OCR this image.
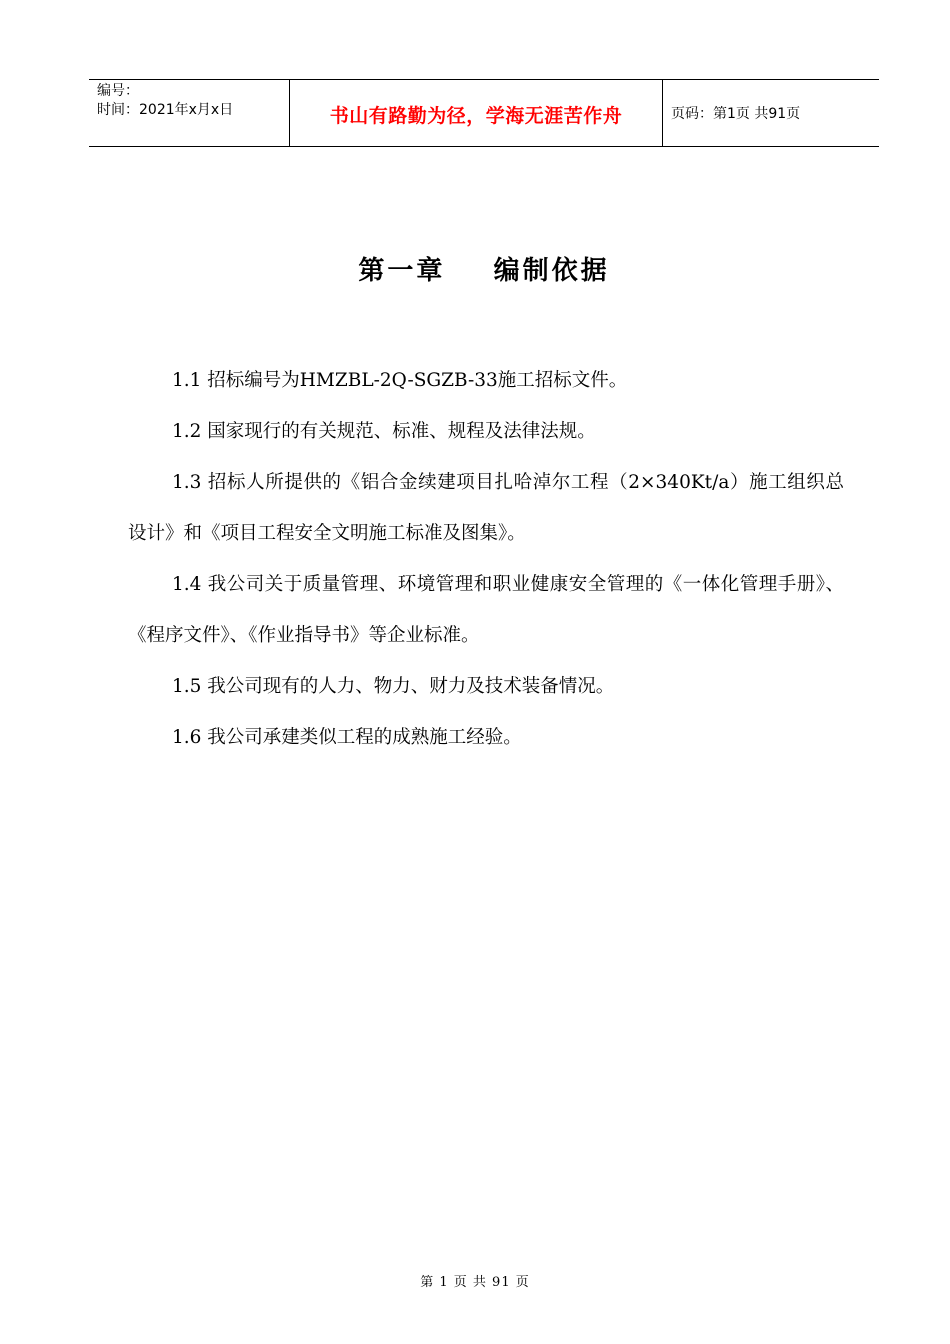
编号：
时间：2021年x月x日	书山有路勤为径，学海无涯苦作舟	页码：第1页 共91页
第一章    编制依据

1.1 招标编号为HMZBL-2Q-SGZB-33施工招标文件。

1.2 国家现行的有关规范、标准、规程及法律法规。

1.3 招标人所提供的《铝合金续建项目扎哈淖尔工程（2×340Kt/a）施工组织总设计》和《项目工程安全文明施工标准及图集》。

1.4 我公司关于质量管理、环境管理和职业健康安全管理的《一体化管理手册》、《程序文件》、《作业指导书》等企业标准。

1.5 我公司现有的人力、物力、财力及技术装备情况。

1.6 我公司承建类似工程的成熟施工经验。

第 1 页 共 91 页
